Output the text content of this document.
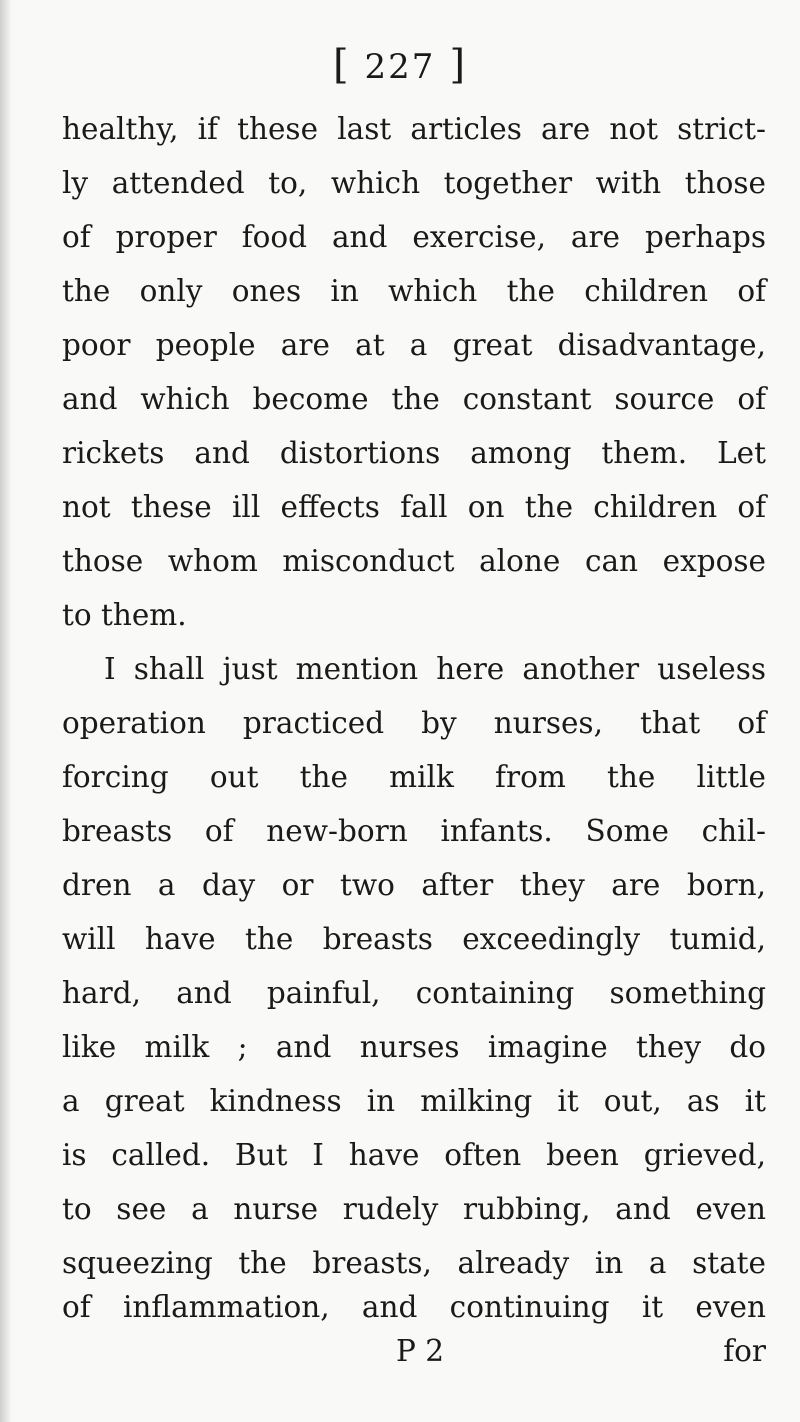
[ 227 ]
healthy, if these last articles are not strict-
ly attended to, which together with those
of proper food and exercise, are perhaps
the only ones in which the children of
poor people are at a great disadvantage,
and which become the constant source of
rickets and distortions among them. Let
not these ill effects fall on the children of
those whom misconduct alone can expose
to them.
I shall just mention here another useless
operation practiced by nurses, that of
forcing out the milk from the little
breasts of new-born infants. Some chil-
dren a day or two after they are born,
will have the breasts exceedingly tumid,
hard, and painful, containing something
like milk ; and nurses imagine they do
a great kindness in milking it out, as it
is called. But I have often been grieved,
to see a nurse rudely rubbing, and even
squeezing the breasts, already in a state
of inflammation, and continuing it even
P 2	for
